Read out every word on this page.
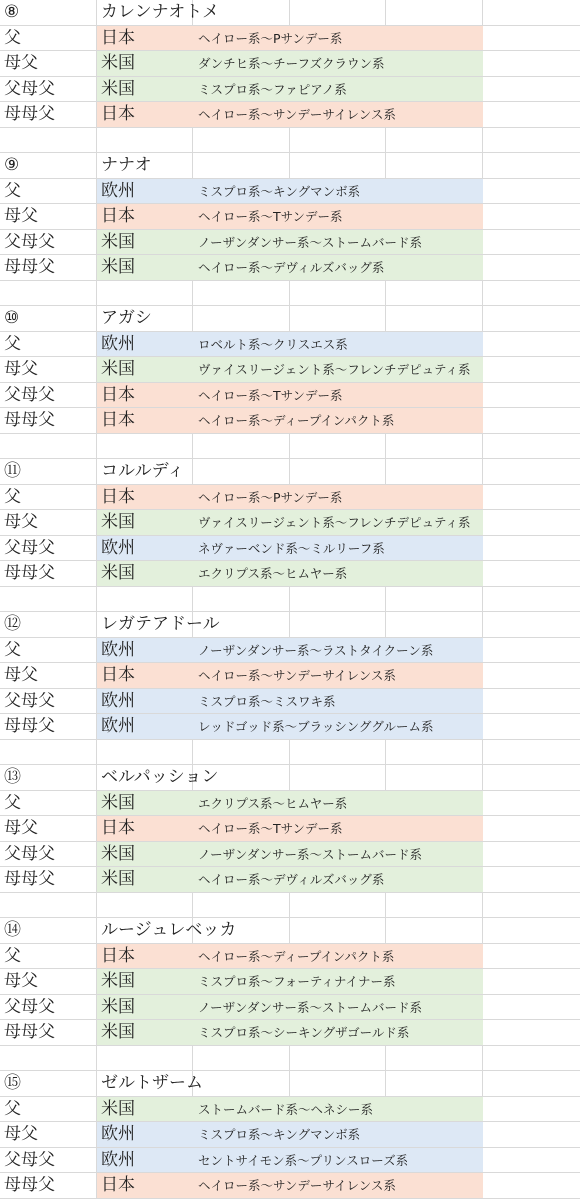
⑧	カレンナオトメ
父	日本	ヘイロー系～Pサンデー系
母父	米国	ダンチヒ系～チーフズクラウン系
父母父	米国	ミスプロ系～ファピアノ系
母母父	日本	ヘイロー系～サンデーサイレンス系
⑨	ナナオ
父	欧州	ミスプロ系～キングマンボ系
母父	日本	ヘイロー系～Tサンデー系
父母父	米国	ノーザンダンサー系～ストームバード系
母母父	米国	ヘイロー系～デヴィルズバッグ系
⑩	アガシ
父	欧州	ロベルト系～クリスエス系
母父	米国	ヴァイスリージェント系～フレンチデピュティ系
父母父	日本	ヘイロー系～Tサンデー系
母母父	日本	ヘイロー系～ディープインパクト系
⑪	コルルディ
父	日本	ヘイロー系～Pサンデー系
母父	米国	ヴァイスリージェント系～フレンチデピュティ系
父母父	欧州	ネヴァーベンド系～ミルリーフ系
母母父	米国	エクリプス系～ヒムヤー系
⑫	レガテアドール
父	欧州	ノーザンダンサー系～ラストタイクーン系
母父	日本	ヘイロー系～サンデーサイレンス系
父母父	欧州	ミスプロ系～ミスワキ系
母母父	欧州	レッドゴッド系～ブラッシンググルーム系
⑬	ベルパッション
父	米国	エクリプス系～ヒムヤー系
母父	日本	ヘイロー系～Tサンデー系
父母父	米国	ノーザンダンサー系～ストームバード系
母母父	米国	ヘイロー系～デヴィルズバッグ系
⑭	ルージュレベッカ
父	日本	ヘイロー系～ディープインパクト系
母父	米国	ミスプロ系～フォーティナイナー系
父母父	米国	ノーザンダンサー系～ストームバード系
母母父	米国	ミスプロ系～シーキングザゴールド系
⑮	ゼルトザーム
父	米国	ストームバード系～ヘネシー系
母父	欧州	ミスプロ系～キングマンボ系
父母父	欧州	セントサイモン系～プリンスローズ系
母母父	日本	ヘイロー系～サンデーサイレンス系
